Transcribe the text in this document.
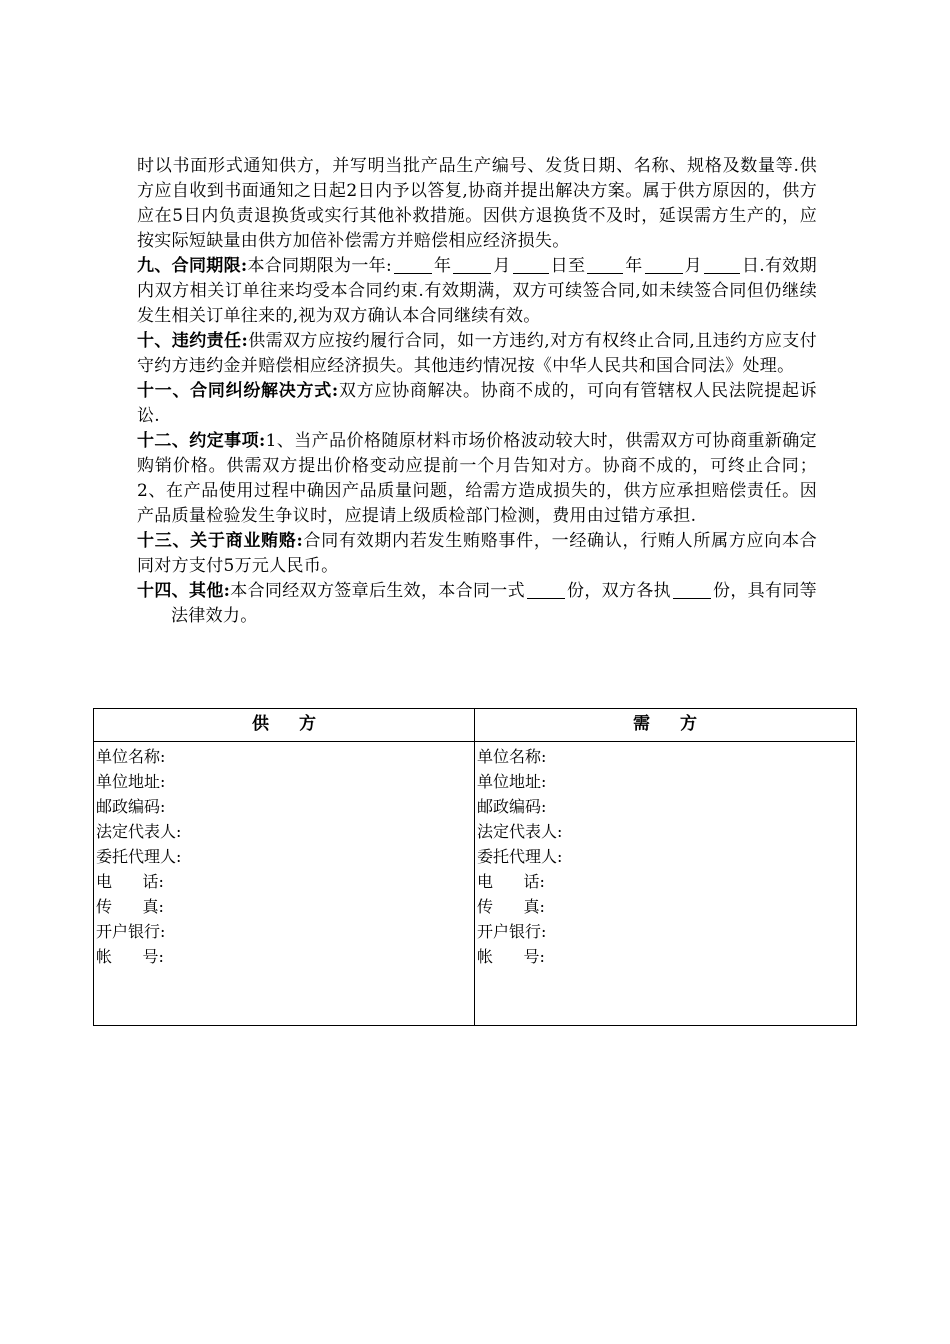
时以书面形式通知供方，并写明当批产品生产编号、发货日期、名称、规格及数量等.供方应自收到书面通知之日起2日内予以答复,协商并提出解决方案。属于供方原因的，供方应在5日内负责退换货或实行其他补救措施。因供方退换货不及时，延误需方生产的，应按实际短缺量由供方加倍补偿需方并赔偿相应经济损失。

九、合同期限:本合同期限为一年: 年 月 日至 年 月 日.有效期内双方相关订单往来均受本合同约束.有效期满，双方可续签合同,如未续签合同但仍继续发生相关订单往来的,视为双方确认本合同继续有效。

十、违约责任:供需双方应按约履行合同，如一方违约,对方有权终止合同,且违约方应支付守约方违约金并赔偿相应经济损失。其他违约情况按《中华人民共和国合同法》处理。

十一、合同纠纷解决方式:双方应协商解决。协商不成的，可向有管辖权人民法院提起诉讼.

十二、约定事项:1、当产品价格随原材料市场价格波动较大时，供需双方可协商重新确定购销价格。供需双方提出价格变动应提前一个月告知对方。协商不成的，可终止合同；2、在产品使用过程中确因产品质量问题，给需方造成损失的，供方应承担赔偿责任。因产品质量检验发生争议时，应提请上级质检部门检测，费用由过错方承担.

十三、关于商业贿赂:合同有效期内若发生贿赂事件，一经确认，行贿人所属方应向本合同对方支付5万元人民币。

十四、其他:本合同经双方签章后生效，本合同一式 份，双方各执 份，具有同等法律效力。

供方
单位名称:
单位地址:
邮政编码:
法定代表人:
委托代理人:
电      话:
传      真:
开户银行:
帐      号:
需方
单位名称:
单位地址:
邮政编码:
法定代表人:
委托代理人:
电      话:
传      真:
开户银行:
帐      号:
